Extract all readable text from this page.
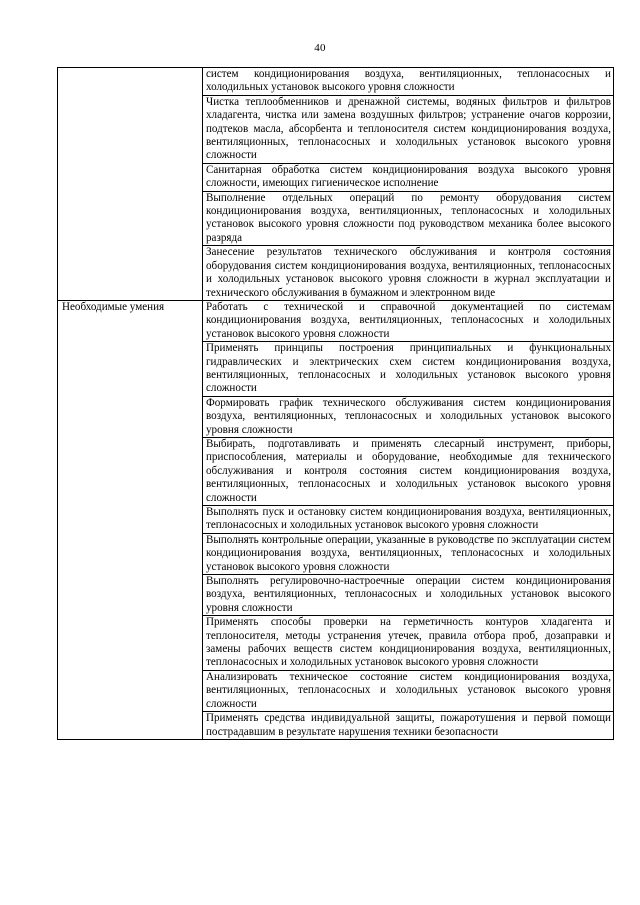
40
	систем кондиционирования воздуха, вентиляционных, теплонасосных и холодильных установок высокого уровня сложности
	Чистка теплообменников и дренажной системы, водяных фильтров и фильтров хладагента, чистка или замена воздушных фильтров; устранение очагов коррозии, подтеков масла, абсорбента и теплоносителя систем кондиционирования воздуха, вентиляционных, теплонасосных и холодильных установок высокого уровня сложности
	Санитарная обработка систем кондиционирования воздуха высокого уровня сложности, имеющих гигиеническое исполнение
	Выполнение отдельных операций по ремонту оборудования систем кондиционирования воздуха, вентиляционных, теплонасосных и холодильных установок высокого уровня сложности под руководством механика более высокого разряда
	Занесение результатов технического обслуживания и контроля состояния оборудования систем кондиционирования воздуха, вентиляционных, теплонасосных и холодильных установок высокого уровня сложности в журнал эксплуатации и технического обслуживания в бумажном и электронном виде

Необходимые умения	Работать с технической и справочной документацией по системам кондиционирования воздуха, вентиляционных, теплонасосных и холодильных установок высокого уровня сложности
	Применять принципы построения принципиальных и функциональных гидравлических и электрических схем систем кондиционирования воздуха, вентиляционных, теплонасосных и холодильных установок высокого уровня сложности
	Формировать график технического обслуживания систем кондиционирования воздуха, вентиляционных, теплонасосных и холодильных установок высокого уровня сложности
	Выбирать, подготавливать и применять слесарный инструмент, приборы, приспособления, материалы и оборудование, необходимые для технического обслуживания и контроля состояния систем кондиционирования воздуха, вентиляционных, теплонасосных и холодильных установок высокого уровня сложности
	Выполнять пуск и остановку систем кондиционирования воздуха, вентиляционных, теплонасосных и холодильных установок высокого уровня сложности
	Выполнять контрольные операции, указанные в руководстве по эксплуатации систем кондиционирования воздуха, вентиляционных, теплонасосных и холодильных установок высокого уровня сложности
	Выполнять регулировочно-настроечные операции систем кондиционирования воздуха, вентиляционных, теплонасосных и холодильных установок высокого уровня сложности
	Применять способы проверки на герметичность контуров хладагента и теплоносителя, методы устранения утечек, правила отбора проб, дозаправки и замены рабочих веществ систем кондиционирования воздуха, вентиляционных, теплонасосных и холодильных установок высокого уровня сложности
	Анализировать техническое состояние систем кондиционирования воздуха, вентиляционных, теплонасосных и холодильных установок высокого уровня сложности
	Применять средства индивидуальной защиты, пожаротушения и первой помощи пострадавшим в результате нарушения техники безопасности
